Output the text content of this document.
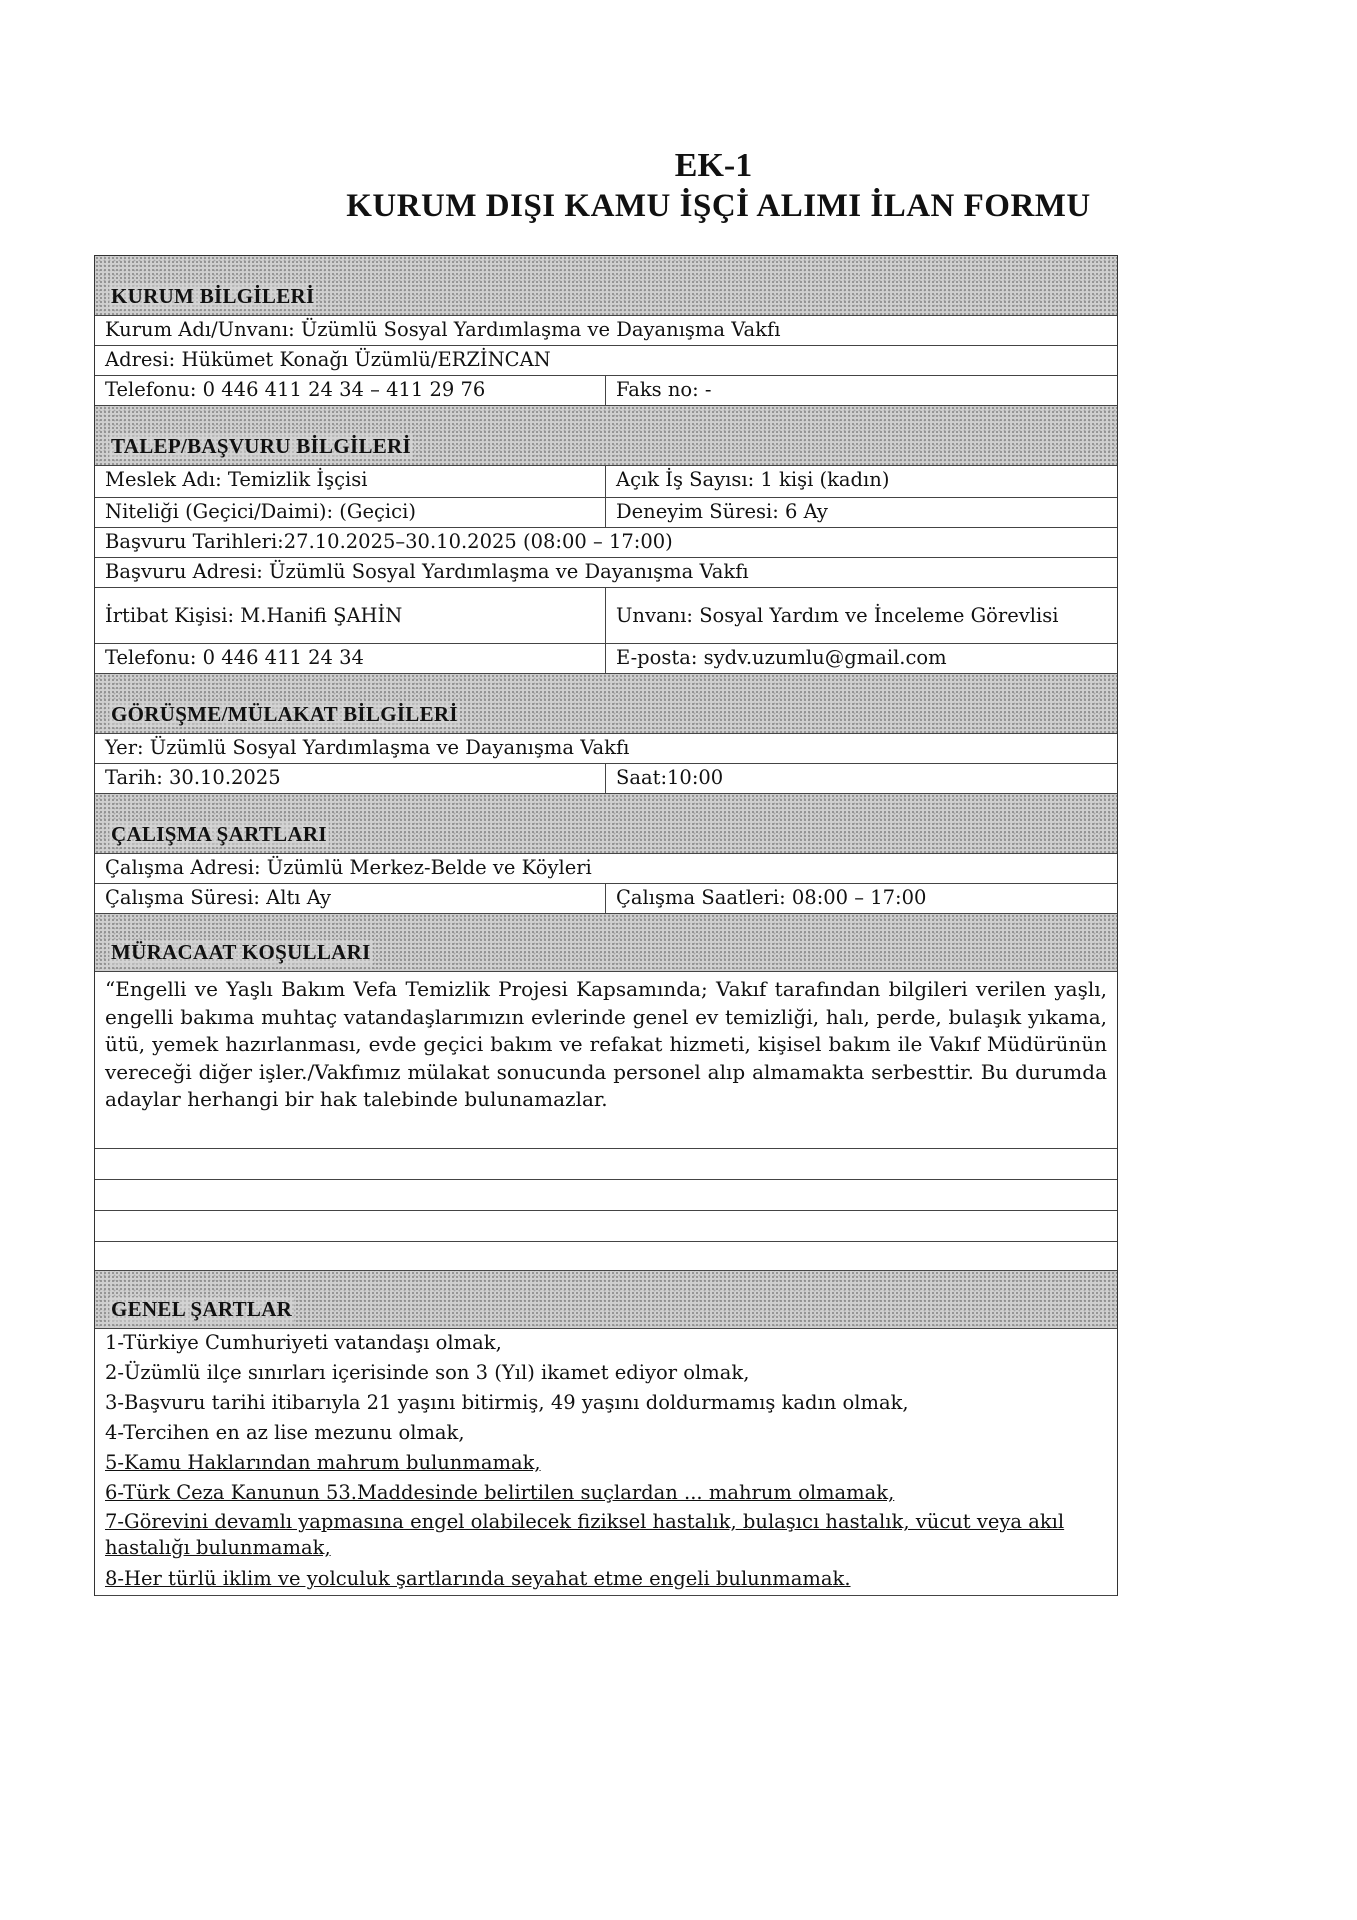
EK-1
KURUM DIŞI KAMU İŞÇİ ALIMI İLAN FORMU
KURUM BİLGİLERİ
Kurum Adı/Unvanı: Üzümlü Sosyal Yardımlaşma ve Dayanışma Vakfı
Adresi: Hükümet Konağı Üzümlü/ERZİNCAN
Telefonu: 0 446 411 24 34 – 411 29 76	Faks no: -
TALEP/BAŞVURU BİLGİLERİ
Meslek Adı: Temizlik İşçisi	Açık İş Sayısı: 1 kişi (kadın)
Niteliği (Geçici/Daimi): (Geçici)	Deneyim Süresi: 6 Ay
Başvuru Tarihleri:27.10.2025–30.10.2025 (08:00 – 17:00)
Başvuru Adresi: Üzümlü Sosyal Yardımlaşma ve Dayanışma Vakfı
İrtibat Kişisi: M.Hanifi ŞAHİN	Unvanı: Sosyal Yardım ve İnceleme Görevlisi
Telefonu: 0 446 411 24 34	E-posta: sydv.uzumlu@gmail.com
GÖRÜŞME/MÜLAKAT BİLGİLERİ
Yer: Üzümlü Sosyal Yardımlaşma ve Dayanışma Vakfı
Tarih: 30.10.2025	Saat:10:00
ÇALIŞMA ŞARTLARI
Çalışma Adresi: Üzümlü Merkez-Belde ve Köyleri
Çalışma Süresi: Altı Ay	Çalışma Saatleri: 08:00 – 17:00
MÜRACAAT KOŞULLARI
“Engelli ve Yaşlı Bakım Vefa Temizlik Projesi Kapsamında; Vakıf tarafından bilgileri verilen yaşlı, engelli bakıma muhtaç vatandaşlarımızın evlerinde genel ev temizliği, halı, perde, bulaşık yıkama, ütü, yemek hazırlanması, evde geçici bakım ve refakat hizmeti, kişisel bakım ile Vakıf Müdürünün vereceği diğer işler./Vakfımız mülakat sonucunda personel alıp almamakta serbesttir. Bu durumda adaylar herhangi bir hak talebinde bulunamazlar.
GENEL ŞARTLAR
1-Türkiye Cumhuriyeti vatandaşı olmak,
2-Üzümlü ilçe sınırları içerisinde son 3 (Yıl) ikamet ediyor olmak,
3-Başvuru tarihi itibarıyla 21 yaşını bitirmiş, 49 yaşını doldurmamış kadın olmak,
4-Tercihen en az lise mezunu olmak,
5-Kamu Haklarından mahrum bulunmamak,
6-Türk Ceza Kanunun 53.Maddesinde belirtilen suçlardan ... mahrum olmamak,
7-Görevini devamlı yapmasına engel olabilecek fiziksel hastalık, bulaşıcı hastalık, vücut veya akıl hastalığı bulunmamak,
8-Her türlü iklim ve yolculuk şartlarında seyahat etme engeli bulunmamak.
